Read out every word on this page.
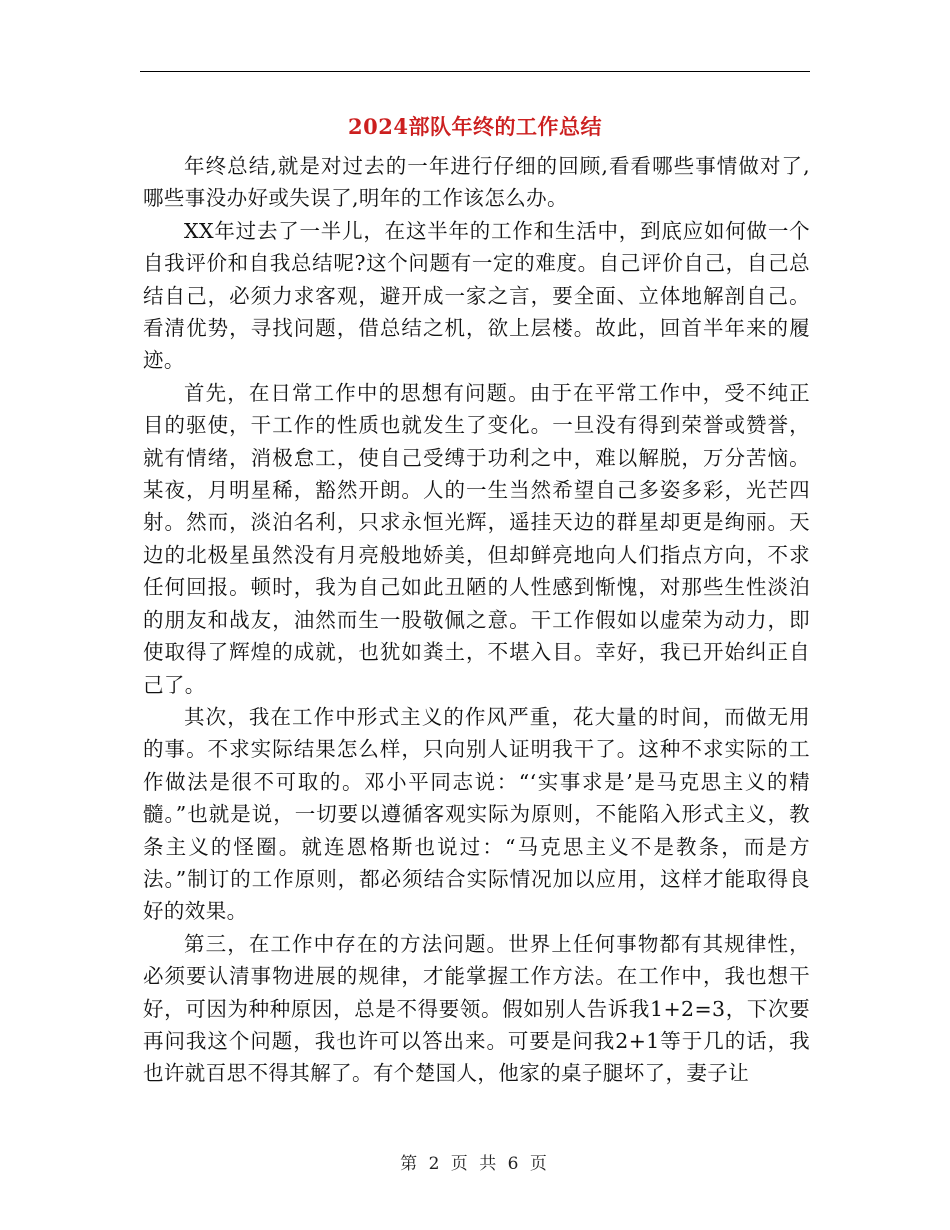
2024部队年终的工作总结

年终总结,就是对过去的一年进行仔细的回顾,看看哪些事情做对了,哪些事没办好或失误了,明年的工作该怎么办。

XX年过去了一半儿，在这半年的工作和生活中，到底应如何做一个自我评价和自我总结呢?这个问题有一定的难度。自己评价自己，自己总结自己，必须力求客观，避开成一家之言，要全面、立体地解剖自己。看清优势，寻找问题，借总结之机，欲上层楼。故此，回首半年来的履迹。

首先，在日常工作中的思想有问题。由于在平常工作中，受不纯正目的驱使，干工作的性质也就发生了变化。一旦没有得到荣誉或赞誉，就有情绪，消极怠工，使自己受缚于功利之中，难以解脱，万分苦恼。某夜，月明星稀，豁然开朗。人的一生当然希望自己多姿多彩，光芒四射。然而，淡泊名利，只求永恒光辉，遥挂天边的群星却更是绚丽。天边的北极星虽然没有月亮般地娇美，但却鲜亮地向人们指点方向，不求任何回报。顿时，我为自己如此丑陋的人性感到惭愧，对那些生性淡泊的朋友和战友，油然而生一股敬佩之意。干工作假如以虚荣为动力，即使取得了辉煌的成就，也犹如粪土，不堪入目。幸好，我已开始纠正自己了。

其次，我在工作中形式主义的作风严重，花大量的时间，而做无用的事。不求实际结果怎么样，只向别人证明我干了。这种不求实际的工作做法是很不可取的。邓小平同志说：“‘实事求是’是马克思主义的精髓。”也就是说，一切要以遵循客观实际为原则，不能陷入形式主义，教条主义的怪圈。就连恩格斯也说过：“马克思主义不是教条，而是方法。”制订的工作原则，都必须结合实际情况加以应用，这样才能取得良好的效果。

第三，在工作中存在的方法问题。世界上任何事物都有其规律性，必须要认清事物进展的规律，才能掌握工作方法。在工作中，我也想干好，可因为种种原因，总是不得要领。假如别人告诉我1+2=3，下次要再问我这个问题，我也许可以答出来。可要是问我2+1等于几的话，我也许就百思不得其解了。有个楚国人，他家的桌子腿坏了，妻子让

第 2 页 共 6 页
